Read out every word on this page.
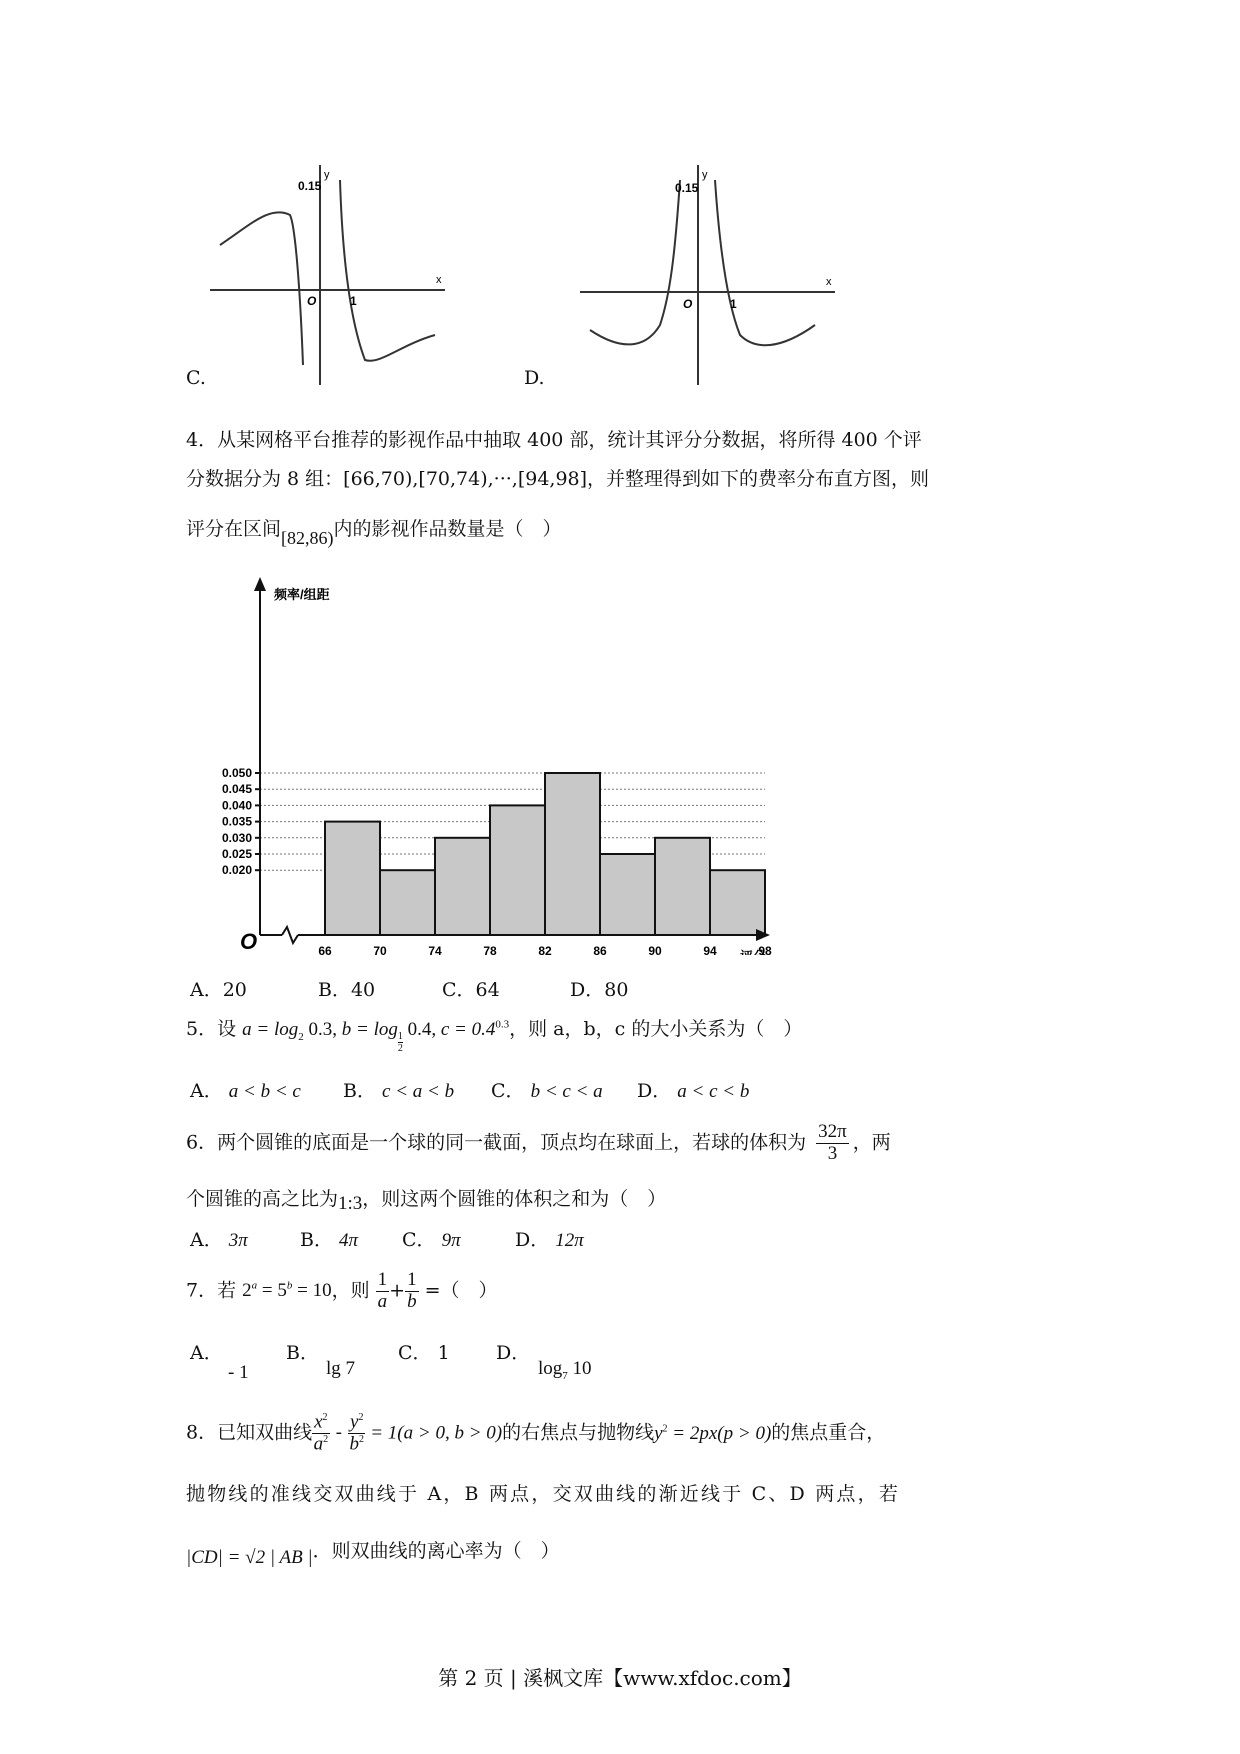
0.15
y
x
O	1
C.
0.15
y
x
O	1
D.
4．从某网格平台推荐的影视作品中抽取 400 部，统计其评分分数据，将所得 400 个评
分数据分为 8 组：[66,70),[70,74),···,[94,98]，并整理得到如下的费率分布直方图，则
评分在区间[82,86)内的影视作品数量是（　）
0.050
0.045
0.040
0.035
0.030
0.025
0.020
66	70	74	78	82	86	90	94	98
频率/组距
O
A．20	B．40	C．64	D．80
5．设 $a = \log_2 0.3$, b = log
$\frac{1}{2}$
0.4, $c = 0.4^{0.3}$，则 a，b，c 的大小关系为（　）
A． a < b < c B． c < a < b C． b < c < a D． a < c < b
6．两个圆锥的底面是一个球的同一截面，顶点均在球面上，若球的体积为 $\frac{32\pi}{3}$ ，两
个圆锥的高之比为1:3，则这两个圆锥的体积之和为（　）
A． 3π	B． 4π C． 9π	D． 12π
7．若 $2^a = 5^b = 10$，则 $\frac{1}{a} + \frac{1}{b}$ =（　）
A．
- 1
B．
lg 7
C． 1 D．
$\log_7 10$
8．已知双曲线 $\frac{x^2}{a^2} - \frac{y^2}{b^2} = 1(a > 0$, b > 0)的右焦点与抛物线$y^2 = 2px(p > 0)$的焦点重合，
抛物线的准线交双曲线于 A，B 两点，交双曲线的渐近线于 C、D 两点，若
|CD| = √2 | AB |．则双曲线的离心率为（　）
第 2 页 | 溪枫文库【www.xfdoc.com】
